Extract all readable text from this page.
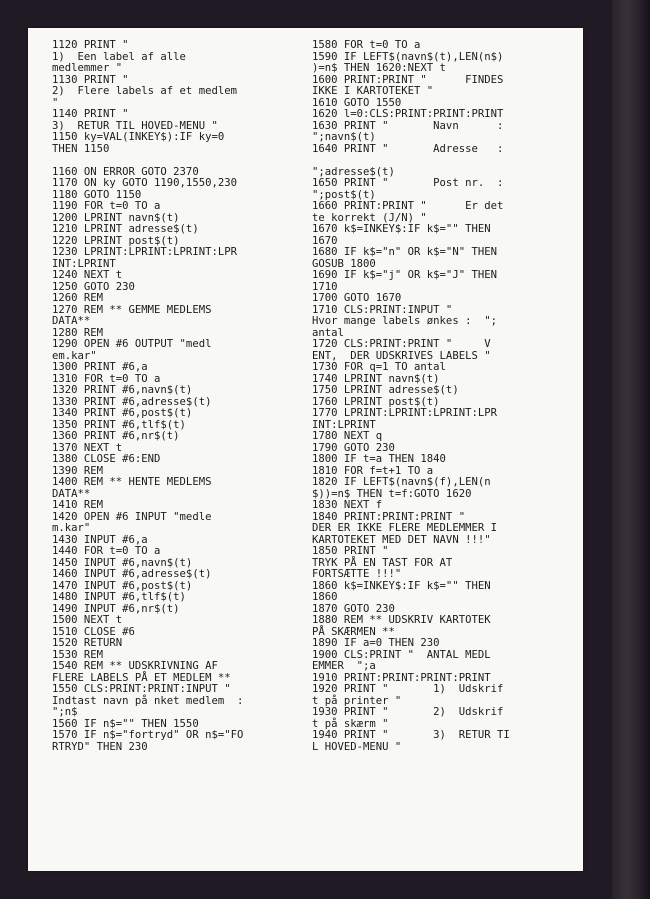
1120 PRINT "
1)  Een label af alle
medlemmer "
1130 PRINT "
2)  Flere labels af et medlem
"
1140 PRINT "
3)  RETUR TIL HOVED-MENU "
1150 ky=VAL(INKEY$):IF ky=0
THEN 1150
1160 ON ERROR GOTO 2370
1170 ON ky GOTO 1190,1550,230
1180 GOTO 1150
1190 FOR t=0 TO a
1200 LPRINT navn$(t)
1210 LPRINT adresse$(t)
1220 LPRINT post$(t)
1230 LPRINT:LPRINT:LPRINT:LPR
INT:LPRINT
1240 NEXT t
1250 GOTO 230
1260 REM
1270 REM ** GEMME MEDLEMS
DATA**
1280 REM
1290 OPEN #6 OUTPUT "medl
em.kar"
1300 PRINT #6,a
1310 FOR t=0 TO a
1320 PRINT #6,navn$(t)
1330 PRINT #6,adresse$(t)
1340 PRINT #6,post$(t)
1350 PRINT #6,tlf$(t)
1360 PRINT #6,nr$(t)
1370 NEXT t
1380 CLOSE #6:END
1390 REM
1400 REM ** HENTE MEDLEMS
DATA**
1410 REM
1420 OPEN #6 INPUT "medle
m.kar"
1430 INPUT #6,a
1440 FOR t=0 TO a
1450 INPUT #6,navn$(t)
1460 INPUT #6,adresse$(t)
1470 INPUT #6,post$(t)
1480 INPUT #6,tlf$(t)
1490 INPUT #6,nr$(t)
1500 NEXT t
1510 CLOSE #6
1520 RETURN
1530 REM
1540 REM ** UDSKRIVNING AF
FLERE LABELS PÅ ET MEDLEM **
1550 CLS:PRINT:PRINT:INPUT "
Indtast navn på nket medlem  :
";n$
1560 IF n$="" THEN 1550
1570 IF n$="fortryd" OR n$="FO
RTRYD" THEN 230
1580 FOR t=0 TO a
1590 IF LEFT$(navn$(t),LEN(n$)
)=n$ THEN 1620:NEXT t
1600 PRINT:PRINT "      FINDES
IKKE I KARTOTEKET "
1610 GOTO 1550
1620 l=0:CLS:PRINT:PRINT:PRINT
1630 PRINT "       Navn      :
";navn$(t)
1640 PRINT "       Adresse   :
";adresse$(t)
1650 PRINT "       Post nr.  :
";post$(t)
1660 PRINT:PRINT "      Er det
te korrekt (J/N) "
1670 k$=INKEY$:IF k$="" THEN
1670
1680 IF k$="n" OR k$="N" THEN
GOSUB 1800
1690 IF k$="j" OR k$="J" THEN
1710
1700 GOTO 1670
1710 CLS:PRINT:INPUT "
Hvor mange labels ønkes :  ";
antal
1720 CLS:PRINT:PRINT "     V
ENT,  DER UDSKRIVES LABELS "
1730 FOR q=1 TO antal
1740 LPRINT navn$(t)
1750 LPRINT adresse$(t)
1760 LPRINT post$(t)
1770 LPRINT:LPRINT:LPRINT:LPR
INT:LPRINT
1780 NEXT q
1790 GOTO 230
1800 IF t=a THEN 1840
1810 FOR f=t+1 TO a
1820 IF LEFT$(navn$(f),LEN(n
$))=n$ THEN t=f:GOTO 1620
1830 NEXT f
1840 PRINT:PRINT:PRINT "
DER ER IKKE FLERE MEDLEMMER I
KARTOTEKET MED DET NAVN !!!"
1850 PRINT "
TRYK PÅ EN TAST FOR AT
FORTSÆTTE !!!"
1860 k$=INKEY$:IF k$="" THEN
1860
1870 GOTO 230
1880 REM ** UDSKRIV KARTOTEK
PÅ SKÆRMEN **
1890 IF a=0 THEN 230
1900 CLS:PRINT "  ANTAL MEDL
EMMER  ";a
1910 PRINT:PRINT:PRINT:PRINT
1920 PRINT "       1)  Udskrif
t på printer "
1930 PRINT "       2)  Udskrif
t på skærm "
1940 PRINT "       3)  RETUR TI
L HOVED-MENU "
